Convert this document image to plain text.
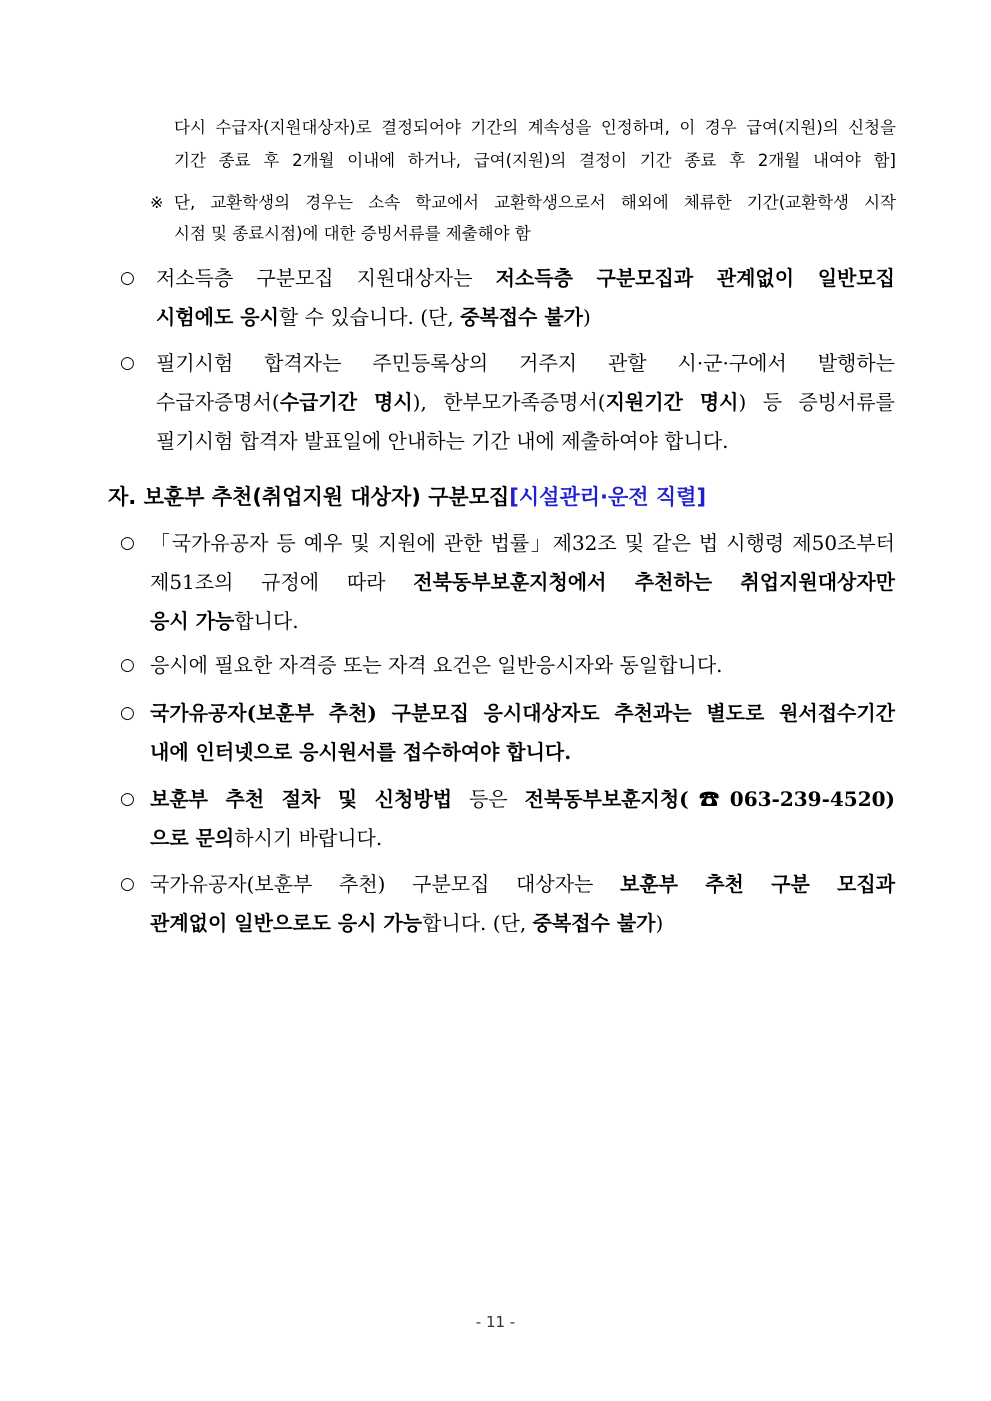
다시 수급자(지원대상자)로 결정되어야 기간의 계속성을 인정하며, 이 경우 급여(지원)의 신청을
기간 종료 후 2개월 이내에 하거나, 급여(지원)의 결정이 기간 종료 후 2개월 내여야 함]
※ 단, 교환학생의 경우는 소속 학교에서 교환학생으로서 해외에 체류한 기간(교환학생 시작
시점 및 종료시점)에 대한 증빙서류를 제출해야 함
○ 저소득층 구분모집 지원대상자는 저소득층 구분모집과 관계없이 일반모집
시험에도 응시할 수 있습니다. (단, 중복접수 불가)
○ 필기시험 합격자는 주민등록상의 거주지 관할 시·군·구에서 발행하는
수급자증명서(수급기간 명시), 한부모가족증명서(지원기간 명시) 등 증빙서류를
필기시험 합격자 발표일에 안내하는 기간 내에 제출하여야 합니다.
자. 보훈부 추천(취업지원 대상자) 구분모집[시설관리·운전 직렬]
○ 「국가유공자 등 예우 및 지원에 관한 법률」제32조 및 같은 법 시행령 제50조부터
제51조의 규정에 따라 전북동부보훈지청에서 추천하는 취업지원대상자만
응시 가능합니다.
○ 응시에 필요한 자격증 또는 자격 요건은 일반응시자와 동일합니다.
○ 국가유공자(보훈부 추천) 구분모집 응시대상자도 추천과는 별도로 원서접수기간
내에 인터넷으로 응시원서를 접수하여야 합니다.
○ 보훈부 추천 절차 및 신청방법 등은 전북동부보훈지청(☎063-239-4520)
으로 문의하시기 바랍니다.
○ 국가유공자(보훈부 추천) 구분모집 대상자는 보훈부 추천 구분 모집과
관계없이 일반으로도 응시 가능합니다. (단, 중복접수 불가)
- 11 -
